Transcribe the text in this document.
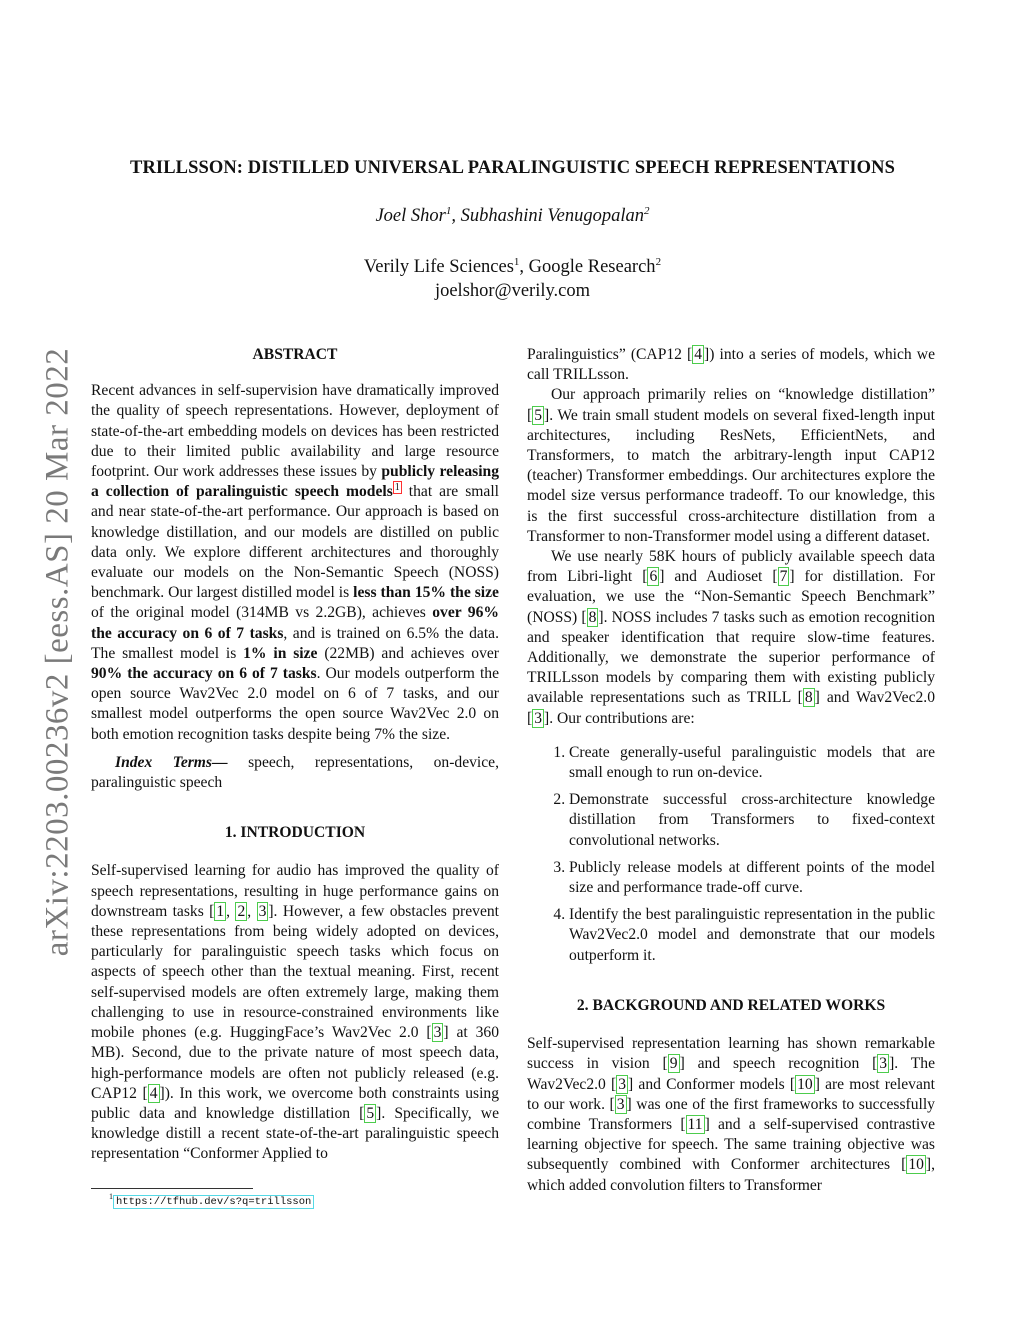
arXiv:2203.00236v2 [eess.AS] 20 Mar 2022
TRILLSSON: DISTILLED UNIVERSAL PARALINGUISTIC SPEECH REPRESENTATIONS
Joel Shor$^1$, Subhashini Venugopalan$^2$
Verily Life Sciences$^1$, Google Research$^2$
joelshor@verily.com

ABSTRACT

Recent advances in self-supervision have dramatically improved the quality of speech representations. However, deployment of state-of-the-art embedding models on devices has been restricted due to their limited public availability and large resource footprint. Our work addresses these issues by publicly releasing a collection of paralinguistic speech models $^1$ that are small and near state-of-the-art performance. Our approach is based on knowledge distillation, and our models are distilled on public data only. We explore different architectures and thoroughly evaluate our models on the Non-Semantic Speech (NOSS) benchmark. Our largest distilled model is less than 15% the size of the original model (314MB vs 2.2GB), achieves over 96% the accuracy on 6 of 7 tasks, and is trained on 6.5% the data. The smallest model is 1% in size (22MB) and achieves over 90% the accuracy on 6 of 7 tasks. Our models outperform the open source Wav2Vec 2.0 model on 6 of 7 tasks, and our smallest model outperforms the open source Wav2Vec 2.0 on both emotion recognition tasks despite being 7% the size.

Index Terms— speech, representations, on-device, paralinguistic speech

1. INTRODUCTION

Self-supervised learning for audio has improved the quality of speech representations, resulting in huge performance gains on downstream tasks [ 1 , 2 , 3 ]. However, a few obstacles prevent these representations from being widely adopted on devices, particularly for paralinguistic speech tasks which focus on aspects of speech other than the textual meaning. First, recent self-supervised models are often extremely large, making them challenging to use in resource-constrained environments like mobile phones (e.g. HuggingFace’s Wav2Vec 2.0 [ 3 ] at 360 MB). Second, due to the private nature of most speech data, high-performance models are often not publicly released (e.g. CAP12 [ 4 ]). In this work, we overcome both constraints using public data and knowledge distillation [ 5 ]. Specifically, we knowledge distill a recent state-of-the-art paralinguistic speech representation “Conformer Applied to

Paralinguistics” (CAP12 [ 4 ]) into a series of models, which we call TRILLsson.

Our approach primarily relies on “knowledge distillation” [ 5 ]. We train small student models on several fixed-length input architectures, including ResNets, EfficientNets, and Transformers, to match the arbitrary-length input CAP12 (teacher) Transformer embeddings. Our architectures explore the model size versus performance tradeoff. To our knowledge, this is the first successful cross-architecture distillation from a Transformer to non-Transformer model using a different dataset.

We use nearly 58K hours of publicly available speech data from Libri-light [ 6 ] and Audioset [ 7 ] for distillation. For evaluation, we use the “Non-Semantic Speech Benchmark” (NOSS) [ 8 ]. NOSS includes 7 tasks such as emotion recognition and speaker identification that require slow-time features. Additionally, we demonstrate the superior performance of TRILLsson models by comparing them with existing publicly available representations such as TRILL [ 8 ] and Wav2Vec2.0 [ 3 ]. Our contributions are:

1. Create generally-useful paralinguistic models that are small enough to run on-device.
2. Demonstrate successful cross-architecture knowledge distillation from Transformers to fixed-context convolutional networks.
3. Publicly release models at different points of the model size and performance trade-off curve.
4. Identify the best paralinguistic representation in the public Wav2Vec2.0 model and demonstrate that our models outperform it.

2. BACKGROUND AND RELATED WORKS

Self-supervised representation learning has shown remarkable success in vision [ 9 ] and speech recognition [ 3 ]. The Wav2Vec2.0 [ 3 ] and Conformer models [ 10 ] are most relevant to our work. [ 3 ] was one of the first frameworks to successfully combine Transformers [ 11 ] and a self-supervised contrastive learning objective for speech. The same training objective was subsequently combined with Conformer architectures [ 10 ], which added convolution filters to Transformer

$^1$ https://tfhub.dev/s?q=trillsson
